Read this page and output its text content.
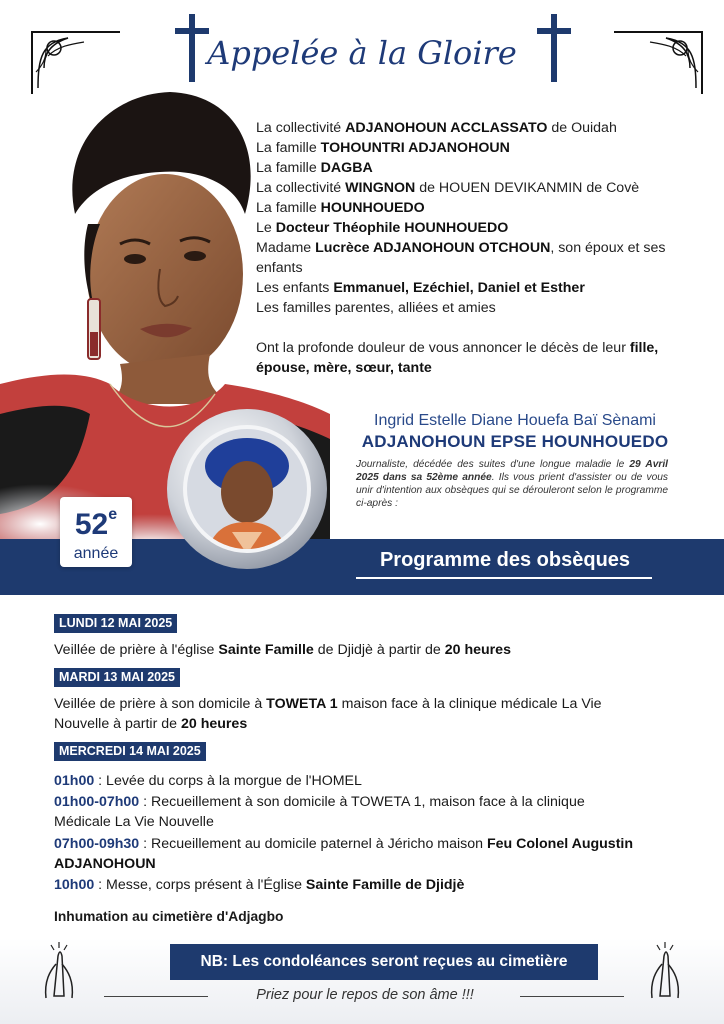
Appelée à la Gloire
La collectivité ADJANOHOUN ACCLASSATO de Ouidah
La famille TOHOUNTRI ADJANOHOUN
La famille DAGBA
La collectivité WINGNON de HOUEN DEVIKANMIN de Covè
La famille HOUNHOUEDO
Le Docteur Théophile HOUNHOUEDO
Madame Lucrèce ADJANOHOUN OTCHOUN, son époux et ses enfants
Les enfants Emmanuel, Ezéchiel, Daniel et Esther
Les familles parentes, alliées et amies
Ont la profonde douleur de vous annoncer le décès de leur fille, épouse, mère, sœur, tante
Ingrid Estelle Diane Houefa Baï Sènami
ADJANOHOUN EPSE HOUNHOUEDO
Journaliste, décédée des suites d'une longue maladie le 29 Avril 2025 dans sa 52ème année. Ils vous prient d'assister ou de vous unir d'intention aux obsèques qui se dérouleront selon le programme ci-après :
Programme des obsèques
52e
année
LUNDI 12 MAI 2025
Veillée de prière à l'église Sainte Famille de Djidjè à partir de 20 heures
MARDI 13 MAI 2025
Veillée de prière à son domicile à TOWETA 1 maison face à la clinique médicale La Vie Nouvelle à partir de 20 heures
MERCREDI 14 MAI 2025
01h00 : Levée du corps à la morgue de l'HOMEL
01h00-07h00 : Recueillement à son domicile à TOWETA 1, maison face à la clinique Médicale La Vie Nouvelle
07h00-09h30 : Recueillement au domicile paternel à Jéricho maison Feu Colonel Augustin ADJANOHOUN
10h00 : Messe, corps présent à l'Église Sainte Famille de Djidjè
Inhumation au cimetière d'Adjagbo
NB: Les condoléances seront reçues au cimetière
Priez pour le repos de son âme !!!
